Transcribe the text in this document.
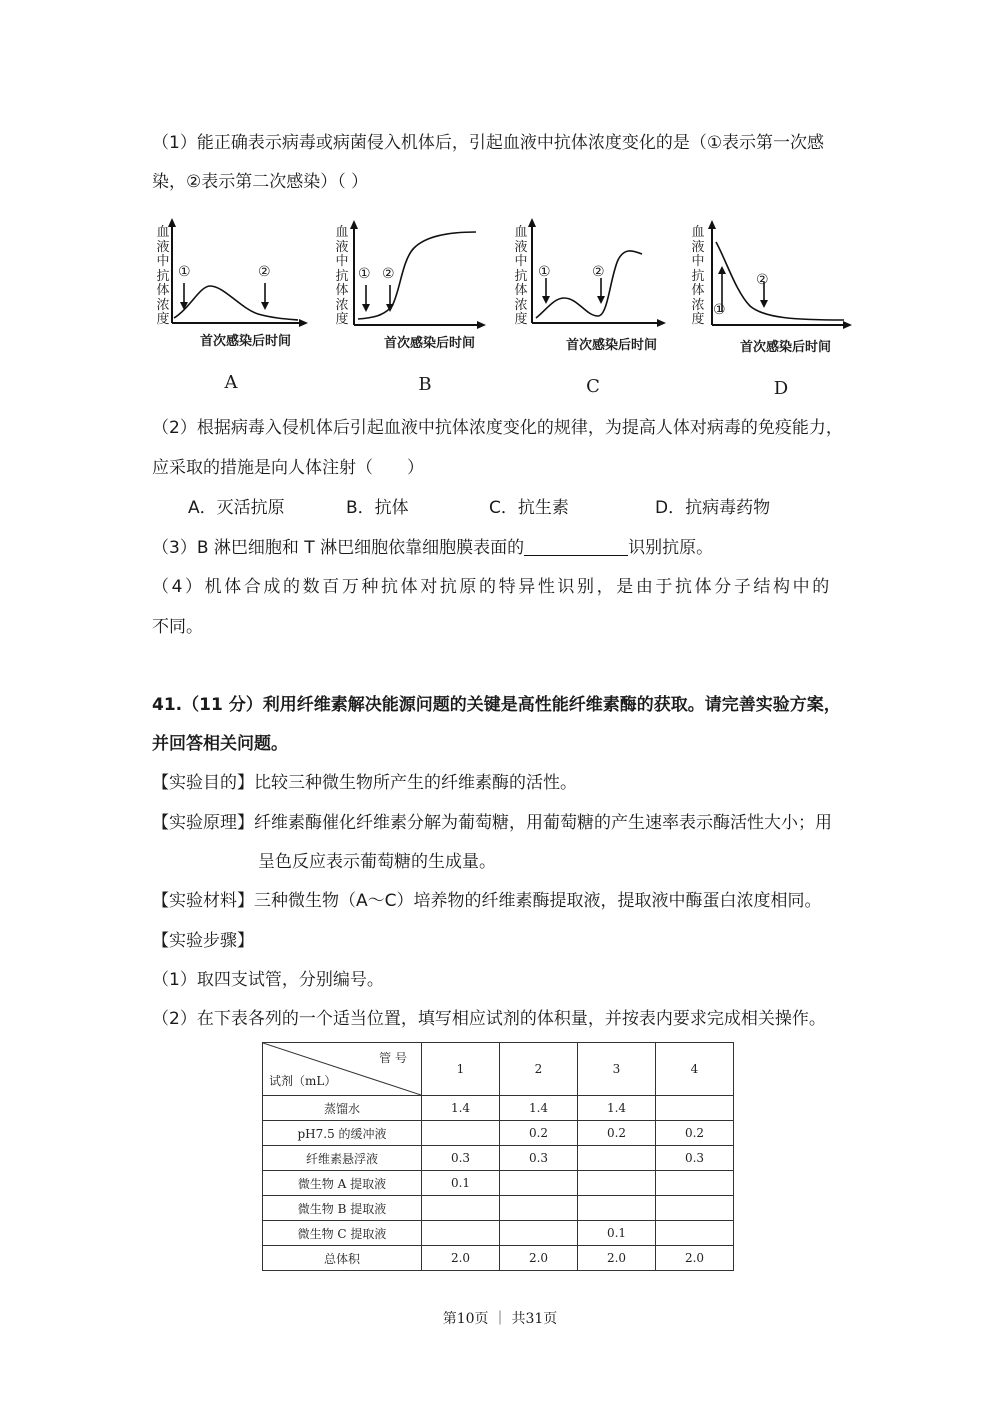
（1）能正确表示病毒或病菌侵入机体后，引起血液中抗体浓度变化的是（①表示第一次感
染，②表示第二次感染）（ ）
血
液
中
抗
体
浓
度
首次感染后时间
①	②
A
血
液
中
抗
体
浓
度
首次感染后时间
① ②
B
血
液
中
抗
体
浓
度
首次感染后时间
①	②
C
血
液
中
抗
体
浓
度
首次感染后时间
①
②
D
（2）根据病毒入侵机体后引起血液中抗体浓度变化的规律，为提高人体对病毒的免疫能力，
应采取的措施是向人体注射（ ）
A．灭活抗原	B．抗体	C．抗生素	D．抗病毒药物
（3）B 淋巴细胞和 T 淋巴细胞依靠细胞膜表面的	识别抗原。
（4）机体合成的数百万种抗体对抗原的特异性识别，是由于抗体分子结构中的
不同。
41.（11 分）利用纤维素解决能源问题的关键是高性能纤维素酶的获取。请完善实验方案，
并回答相关问题。
【实验目的】比较三种微生物所产生的纤维素酶的活性。
【实验原理】纤维素酶催化纤维素分解为葡萄糖，用葡萄糖的产生速率表示酶活性大小；用
呈色反应表示葡萄糖的生成量。
【实验材料】三种微生物（A～C）培养物的纤维素酶提取液，提取液中酶蛋白浓度相同。
【实验步骤】
（1）取四支试管，分别编号。
（2）在下表各列的一个适当位置，填写相应试剂的体积量，并按表内要求完成相关操作。
管 号
试剂（mL）	1	2	3	4
蒸馏水	1.4	1.4	1.4	
pH7.5 的缓冲液		0.2	0.2	0.2
纤维素悬浮液	0.3	0.3		0.3
微生物 A 提取液	0.1			
微生物 B 提取液				
微生物 C 提取液			0.1	
总体积	2.0	2.0	2.0	2.0
第10页 ｜ 共31页
